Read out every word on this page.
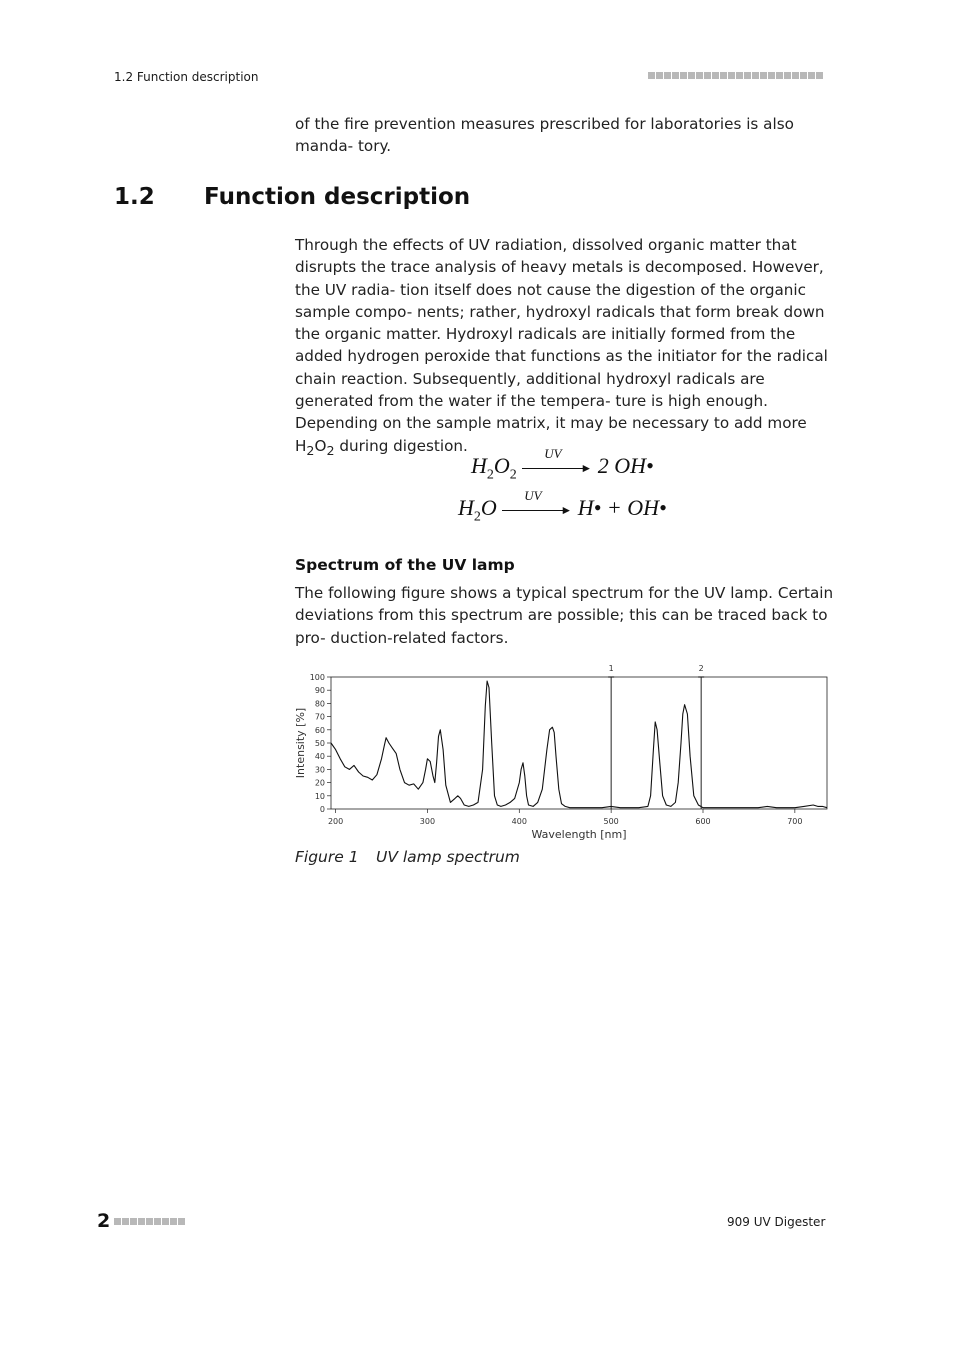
1.2 Function description
of the fire prevention measures prescribed for laboratories is also manda- tory.
1.2 Function description
Through the effects of UV radiation, dissolved organic matter that disrupts the trace analysis of heavy metals is decomposed. However, the UV radia- tion itself does not cause the digestion of the organic sample compo- nents; rather, hydroxyl radicals that form break down the organic matter. Hydroxyl radicals are initially formed from the added hydrogen peroxide that functions as the initiator for the radical chain reaction. Subsequently, additional hydroxyl radicals are generated from the water if the tempera- ture is high enough. Depending on the sample matrix, it may be necessary to add more $H_2O_2$ during digestion.
$H_2O_2$
UV
► 2 OH•
$H_2O$ UV
► H• + OH•
Spectrum of the UV lamp
The following figure shows a typical spectrum for the UV lamp. Certain deviations from this spectrum are possible; this can be traced back to pro- duction-related factors.
0
10
20
30
40
50
60
70
80
90
100
200	300	400	500	600	700
Wavelength [nm]
Intensity [%]
1	2
Figure 1 UV lamp spectrum
2	909 UV Digester
